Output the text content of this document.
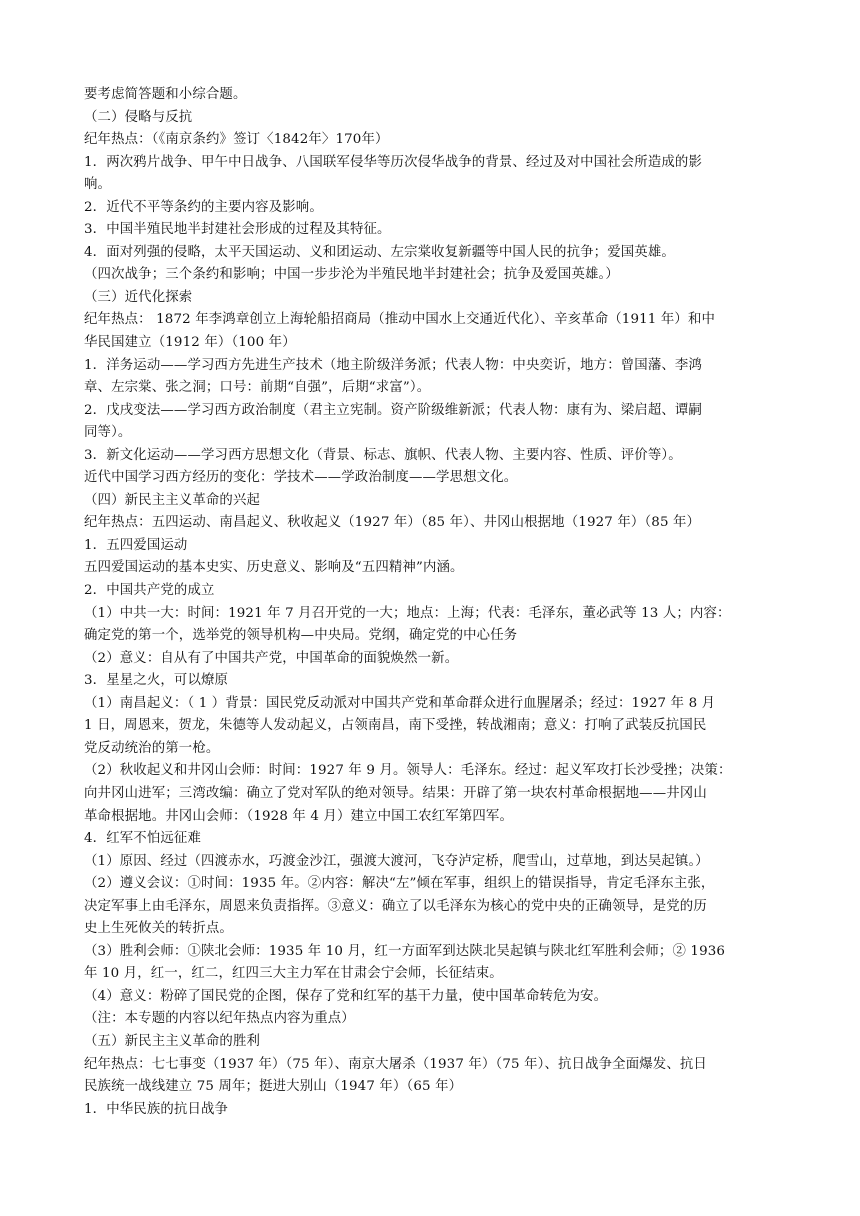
要考虑简答题和小综合题。
（二）侵略与反抗
纪年热点：（《南京条约》签订〈1842年〉170年）
1．两次鸦片战争、甲午中日战争、八国联军侵华等历次侵华战争的背景、经过及对中国社会所造成的影
响。
2．近代不平等条约的主要内容及影响。
3．中国半殖民地半封建社会形成的过程及其特征。
4．面对列强的侵略，太平天国运动、义和团运动、左宗棠收复新疆等中国人民的抗争；爱国英雄。
（四次战争；三个条约和影响；中国一步步沦为半殖民地半封建社会；抗争及爱国英雄。）
（三）近代化探索
纪年热点： 1872 年李鸿章创立上海轮船招商局（推动中国水上交通近代化）、辛亥革命（1911 年）和中
华民国建立（1912 年）（100 年）
1．洋务运动——学习西方先进生产技术（地主阶级洋务派；代表人物：中央奕䜣，地方：曾国藩、李鸿
章、左宗棠、张之洞；口号：前期“自强”，后期“求富”）。
2．戊戌变法——学习西方政治制度（君主立宪制。资产阶级维新派；代表人物：康有为、梁启超、谭嗣
同等）。
3．新文化运动——学习西方思想文化（背景、标志、旗帜、代表人物、主要内容、性质、评价等）。
近代中国学习西方经历的变化：学技术——学政治制度——学思想文化。
（四）新民主主义革命的兴起
纪年热点：五四运动、南昌起义、秋收起义（1927 年）（85 年）、井冈山根据地（1927 年）（85 年）
1．五四爱国运动
五四爱国运动的基本史实、历史意义、影响及“五四精神”内涵。
2．中国共产党的成立
（1）中共一大：时间：1921 年 7 月召开党的一大；地点：上海；代表：毛泽东，董必武等 13 人；内容：
确定党的第一个，选举党的领导机构—中央局。党纲，确定党的中心任务
（2）意义：自从有了中国共产党，中国革命的面貌焕然一新。
3．星星之火，可以燎原
（1）南昌起义：（ 1 ）背景：国民党反动派对中国共产党和革命群众进行血腥屠杀；经过：1927 年 8 月
1 日，周恩来，贺龙，朱德等人发动起义，占领南昌，南下受挫，转战湘南；意义：打响了武装反抗国民
党反动统治的第一枪。
（2）秋收起义和井冈山会师：时间：1927 年 9 月。领导人：毛泽东。经过：起义军攻打长沙受挫；决策：
向井冈山进军；三湾改编：确立了党对军队的绝对领导。结果：开辟了第一块农村革命根据地——井冈山
革命根据地。井冈山会师：（1928 年 4 月）建立中国工农红军第四军。
4．红军不怕远征难
（1）原因、经过（四渡赤水，巧渡金沙江，强渡大渡河，飞夺泸定桥，爬雪山，过草地，到达吴起镇。）
（2）遵义会议：①时间：1935 年。②内容：解决“左”倾在军事，组织上的错误指导，肯定毛泽东主张，
决定军事上由毛泽东，周恩来负责指挥。③意义：确立了以毛泽东为核心的党中央的正确领导，是党的历
史上生死攸关的转折点。
（3）胜利会师：①陕北会师：1935 年 10 月，红一方面军到达陕北吴起镇与陕北红军胜利会师；② 1936
年 10 月，红一，红二，红四三大主力军在甘肃会宁会师，长征结束。
（4）意义：粉碎了国民党的企图，保存了党和红军的基干力量，使中国革命转危为安。
（注：本专题的内容以纪年热点内容为重点）
（五）新民主主义革命的胜利
纪年热点：七七事变（1937 年）（75 年）、南京大屠杀（1937 年）（75 年）、抗日战争全面爆发、抗日
民族统一战线建立 75 周年；挺进大别山（1947 年）（65 年）
1．中华民族的抗日战争
